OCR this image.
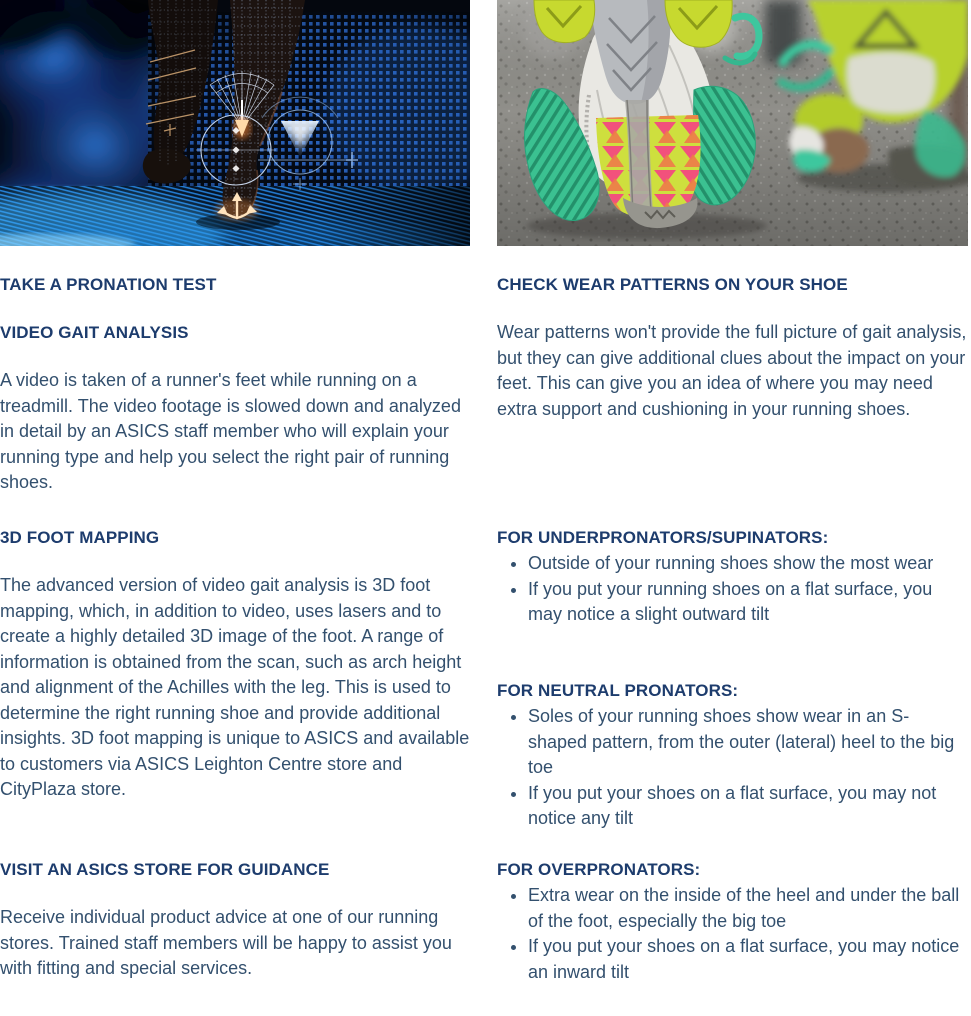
TAKE A PRONATION TEST
VIDEO GAIT ANALYSIS
A video is taken of a runner's feet while running on a treadmill. The video footage is slowed down and analyzed in detail by an ASICS staff member who will explain your running type and help you select the right pair of running shoes.
3D FOOT MAPPING
The advanced version of video gait analysis is 3D foot mapping, which, in addition to video, uses lasers and to create a highly detailed 3D image of the foot. A range of information is obtained from the scan, such as arch height and alignment of the Achilles with the leg. This is used to determine the right running shoe and provide additional insights. 3D foot mapping is unique to ASICS and available to customers via ASICS Leighton Centre store and CityPlaza store.
VISIT AN ASICS STORE FOR GUIDANCE
Receive individual product advice at one of our running stores. Trained staff members will be happy to assist you with fitting and special services.
CHECK WEAR PATTERNS ON YOUR SHOE
Wear patterns won't provide the full picture of gait analysis, but they can give additional clues about the impact on your feet. This can give you an idea of where you may need extra support and cushioning in your running shoes.
FOR UNDERPRONATORS/SUPINATORS:
• Outside of your running shoes show the most wear
• If you put your running shoes on a flat surface, you may notice a slight outward tilt
FOR NEUTRAL PRONATORS:
• Soles of your running shoes show wear in an S-shaped pattern, from the outer (lateral) heel to the big toe
• If you put your shoes on a flat surface, you may not notice any tilt
FOR OVERPRONATORS:
• Extra wear on the inside of the heel and under the ball of the foot, especially the big toe
• If you put your shoes on a flat surface, you may notice an inward tilt
